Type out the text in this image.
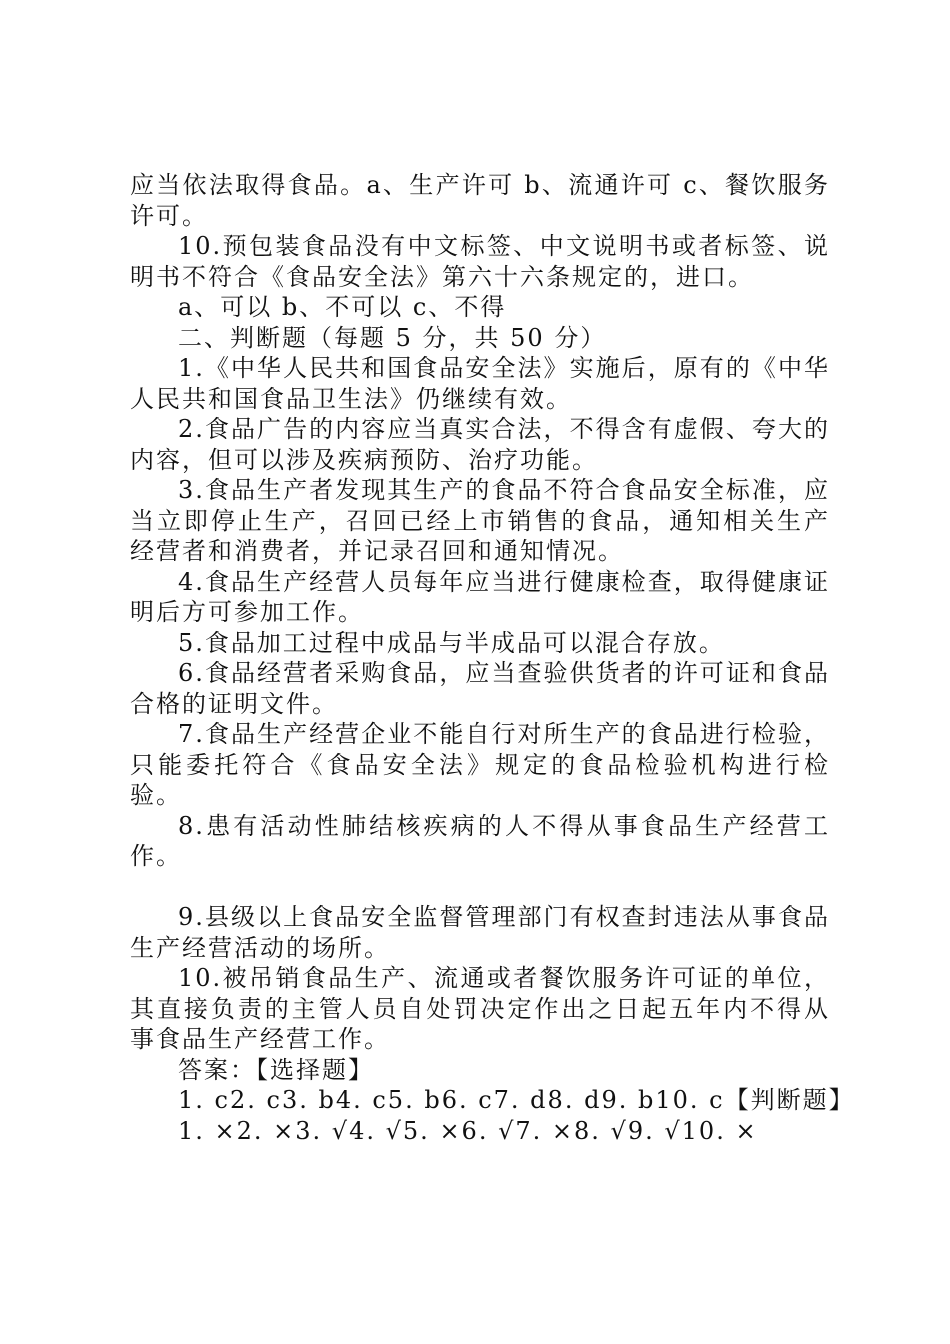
应当依法取得食品。a、生产许可 b、流通许可 c、餐饮服务许可。

10.预包装食品没有中文标签、中文说明书或者标签、说明书不符合《食品安全法》第六十六条规定的，进口。

a、可以 b、不可以 c、不得

二、判断题（每题 5 分，共 50 分）

1.《中华人民共和国食品安全法》实施后，原有的《中华人民共和国食品卫生法》仍继续有效。

2.食品广告的内容应当真实合法，不得含有虚假、夸大的内容，但可以涉及疾病预防、治疗功能。

3.食品生产者发现其生产的食品不符合食品安全标准，应当立即停止生产，召回已经上市销售的食品，通知相关生产经营者和消费者，并记录召回和通知情况。

4.食品生产经营人员每年应当进行健康检查，取得健康证明后方可参加工作。

5.食品加工过程中成品与半成品可以混合存放。

6.食品经营者采购食品，应当查验供货者的许可证和食品合格的证明文件。

7.食品生产经营企业不能自行对所生产的食品进行检验，只能委托符合《食品安全法》规定的食品检验机构进行检验。

8.患有活动性肺结核疾病的人不得从事食品生产经营工作。

9.县级以上食品安全监督管理部门有权查封违法从事食品生产经营活动的场所。

10.被吊销食品生产、流通或者餐饮服务许可证的单位，其直接负责的主管人员自处罚决定作出之日起五年内不得从事食品生产经营工作。

答案：【选择题】

1. c2. c3. b4. c5. b6. c7. d8. d9. b10. c【判断题】

1. ×2. ×3. √4. √5. ×6. √7. ×8. √9. √10. ×
